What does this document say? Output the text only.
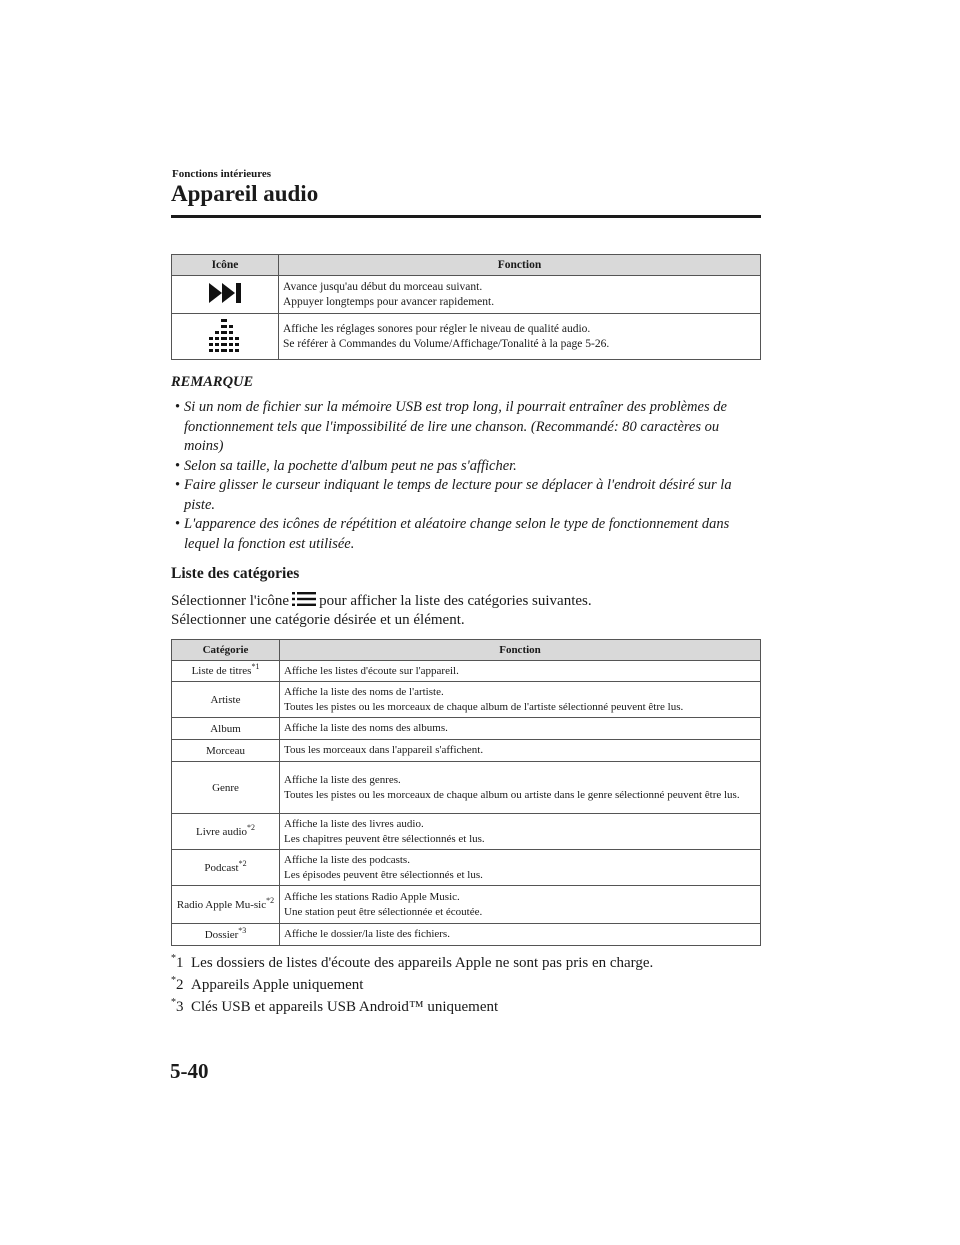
Fonctions intérieures
Appareil audio
Icône	Fonction

Avance jusqu'au début du morceau suivant.
Appuyer longtemps pour avancer rapidement.

Affiche les réglages sonores pour régler le niveau de qualité audio.
Se référer à Commandes du Volume/Affichage/Tonalité à la page 5-26.
REMARQUE
• Si un nom de fichier sur la mémoire USB est trop long, il pourrait entraîner des problèmes de fonctionnement tels que l'impossibilité de lire une chanson. (Recommandé: 80 caractères ou moins)
• Selon sa taille, la pochette d'album peut ne pas s'afficher.
• Faire glisser le curseur indiquant le temps de lecture pour se déplacer à l'endroit désiré sur la piste.
• L'apparence des icônes de répétition et aléatoire change selon le type de fonctionnement dans lequel la fonction est utilisée.
Liste des catégories
Sélectionner l'icône pour afficher la liste des catégories suivantes.
Sélectionner une catégorie désirée et un élément.
Catégorie	Fonction
Liste de titres$^{*1}$	Affiche les listes d'écoute sur l'appareil.

Artiste	Affiche la liste des noms de l'artiste.
Toutes les pistes ou les morceaux de chaque album de l'artiste sélectionné peuvent être lus.

Album	Affiche la liste des noms des albums.

Morceau	Tous les morceaux dans l'appareil s'affichent.

Genre	Affiche la liste des genres.
Toutes les pistes ou les morceaux de chaque album ou artiste dans le genre sélectionné peuvent être lus.

Livre audio$^{*2}$	Affiche la liste des livres audio.
Les chapitres peuvent être sélectionnés et lus.

Podcast$^{*2}$	Affiche la liste des podcasts.
Les épisodes peuvent être sélectionnés et lus.

Radio Apple Mu-sic$^{*2}$	Affiche les stations Radio Apple Music.
Une station peut être sélectionnée et écoutée.

Dossier$^{*3}$	Affiche le dossier/la liste des fichiers.
*1 Les dossiers de listes d'écoute des appareils Apple ne sont pas pris en charge.
*2 Appareils Apple uniquement
*3 Clés USB et appareils USB Android™ uniquement
5-40
